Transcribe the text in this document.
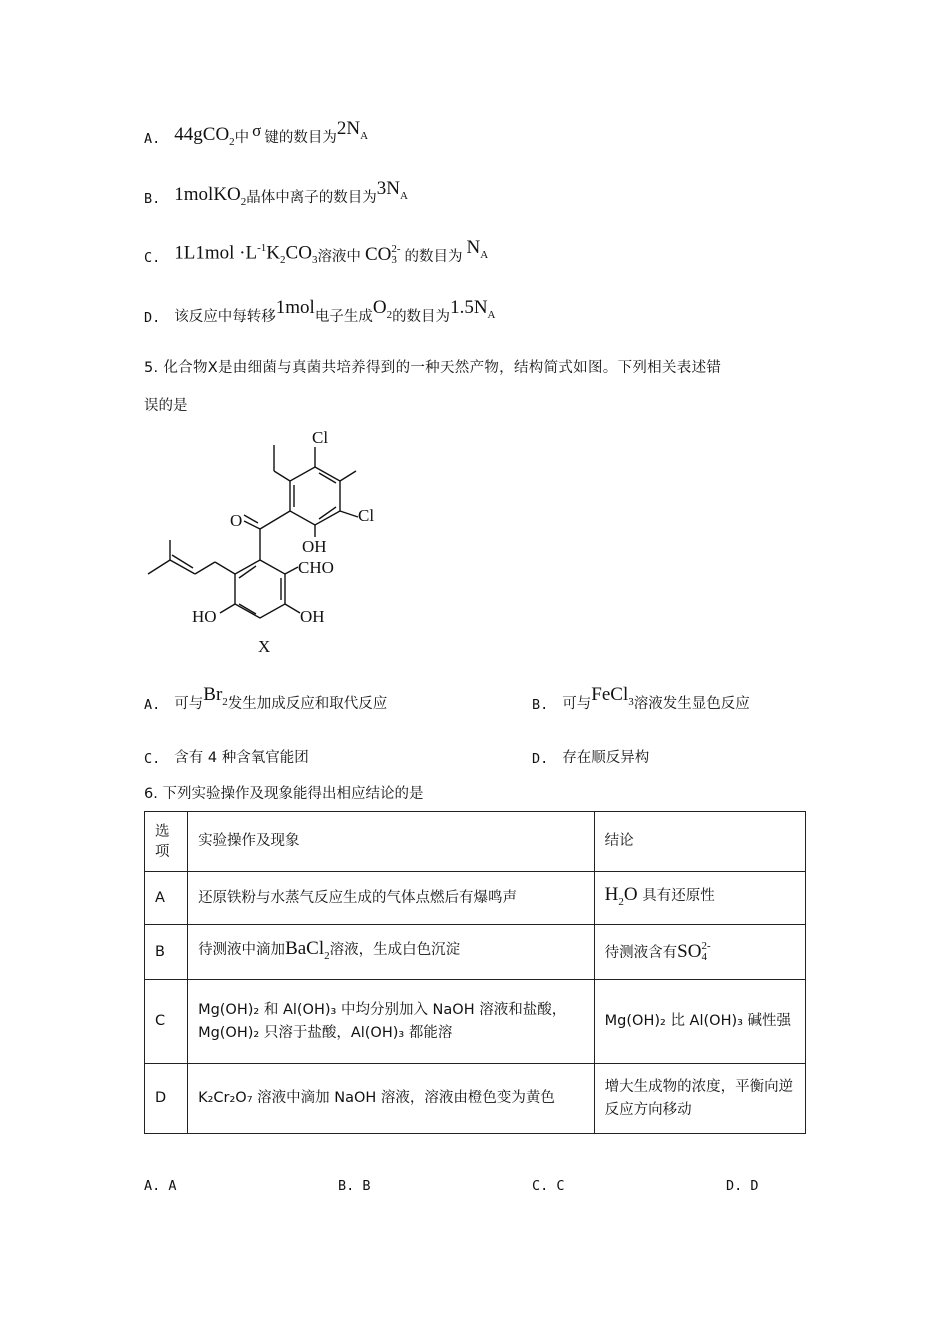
A. 44gCO$_2$ 中 $^\sigma$ 键的数目为 $^{2N_A}$
B. 1molKO$_2$ 晶体中离子的数目为 $^{3N_A}$
C. $1L1mol \cdot L^{-1}K_2CO_3$ 溶液中 CO 2-
3 的数目为 $^{N_A}$
D. 该反应中每转移 $^{1mol}$ 电子生成 $^{O_2}$ 的数目为 $^{1.5N_A}$
5. 化合物X是由细菌与真菌共培养得到的一种天然产物，结构简式如图。下列相关表述错
误的是
Cl
Cl
OH
O
CHO
HO	OH
X
A. 可与 $^{Br_2}$ 发生加成反应和取代反应	B. 可与 $^{FeCl_3}$ 溶液发生显色反应
C. 含有 4 种含氧官能团	D. 存在顺反异构
6. 下列实验操作及现象能得出相应结论的是
选
项	实验操作及现象	结论
A	还原铁粉与水蒸气反应生成的气体点燃后有爆鸣声	$H_2O$ 具有还原性
B	待测液中滴加BaCl$_2$溶液，生成白色沉淀	待测液含有SO 2-
4

C	Mg(OH)₂ 和 Al(OH)₃ 中均分别加入 NaOH 溶液和盐酸，Mg(OH)₂ 只溶于盐酸，Al(OH)₃ 都能溶	Mg(OH)₂ 比 Al(OH)₃ 碱性强
D	K₂Cr₂O₇ 溶液中滴加 NaOH 溶液，溶液由橙色变为黄色	增大生成物的浓度，平衡向逆反应方向移动
A. A	B. B	C. C	D. D
